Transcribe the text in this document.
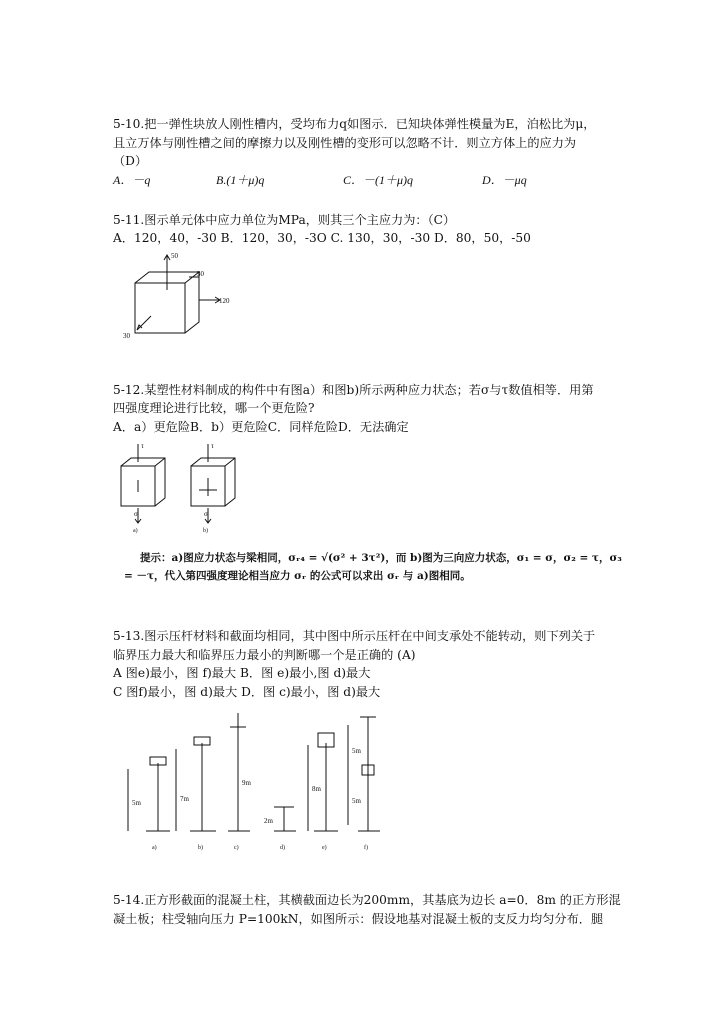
5-10.把一弹性块放人刚性槽内，受均布力q如图示．已知块体弹性模量为E，泊松比为μ，
且立万体与刚性槽之间的摩擦力以及刚性槽的变形可以忽略不计．则立方体上的应力为
（D）
A．－q	B.(1＋μ)q	C．－(1＋μ)q	D．－μq
5-11.图示单元体中应力单位为MPa，则其三个主应力为：（C）
A．120，40，-30 B．120，30，-3O C. 130，30，-30 D．80，50，-50
50
30
120
30
5-12.某塑性材料制成的构件中有图a）和图b)所示两种应力状态；若σ与τ数值相等．用第
四强度理论进行比较，哪一个更危险?
A．a）更危险B．b）更危险C．同样危险D．无法确定
τ	τ
σ	σ
a)	b)
提示：a)图应力状态与梁相同，σᵣ₄ = √(σ² + 3τ²)，而 b)图为三向应力状态，σ₁ = σ，σ₂ = τ，σ₃
= －τ，代入第四强度理论相当应力 σᵣ 的公式可以求出 σᵣ 与 a)图相同。
5-13.图示压杆材料和截面均相同，其中图中所示压杆在中间支承处不能转动，则下列关于
临界压力最大和临界压力最小的判断哪一个是正确的 (A)
A 图e)最小，图 f)最大 B．图 e)最小,图 d)最大
C 图f)最小，图 d)最大 D．图 c)最小，图 d)最大
5m	7m
9m
2m
8m
5m
5m
a)	b)	c)	d)	e)	f)
5-14.正方形截面的混凝土柱，其横截面边长为200mm，其基底为边长 a=0．8m 的正方形混
凝土板；柱受轴向压力 P=100kN，如图所示：假设地基对混凝土板的支反力均匀分布．腿
